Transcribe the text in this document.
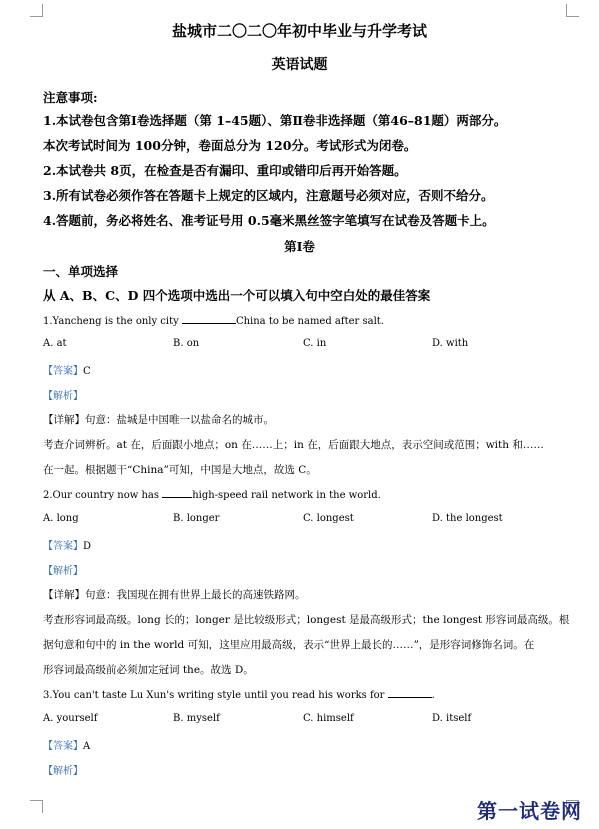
盐城市二〇二〇年初中毕业与升学考试
英语试题
注意事项:
1.本试卷包含第Ⅰ卷选择题（第 1–45题）、第Ⅱ卷非选择题（第46–81题）两部分。
本次考试时间为 100分钟，卷面总分为 120分。考试形式为闭卷。
2.本试卷共 8页，在检查是否有漏印、重印或错印后再开始答题。
3.所有试卷必须作答在答题卡上规定的区域内，注意题号必须对应，否则不给分。
4.答题前，务必将姓名、准考证号用 0.5毫米黑丝签字笔填写在试卷及答题卡上。
第Ⅰ卷
一、单项选择
从 A、B、C、D 四个选项中选出一个可以填入句中空白处的最佳答案
1.Yancheng is the only city	China to be named after salt.
A. at	B. on	C. in	D. with
【答案】C
【解析】
【详解】句意：盐城是中国唯一以盐命名的城市。
考查介词辨析。at 在，后面跟小地点；on 在……上；in 在，后面跟大地点，表示空间或范围；with 和……
在一起。根据题干“China”可知，中国是大地点，故选 C。
2.Our country now has	high-speed rail network in the world.
A. long	B. longer	C. longest	D. the longest
【答案】D
【解析】
【详解】句意：我国现在拥有世界上最长的高速铁路网。
考查形容词最高级。long 长的；longer 是比较级形式；longest 是最高级形式；the longest 形容词最高级。根
据句意和句中的 in the world 可知，这里应用最高级，表示“世界上最长的……”，是形容词修饰名词。在
形容词最高级前必须加定冠词 the。故选 D。
3.You can't taste Lu Xun's writing style until you read his works for	.
A. yourself	B. myself	C. himself	D. itself
【答案】A
【解析】
第一试卷网
